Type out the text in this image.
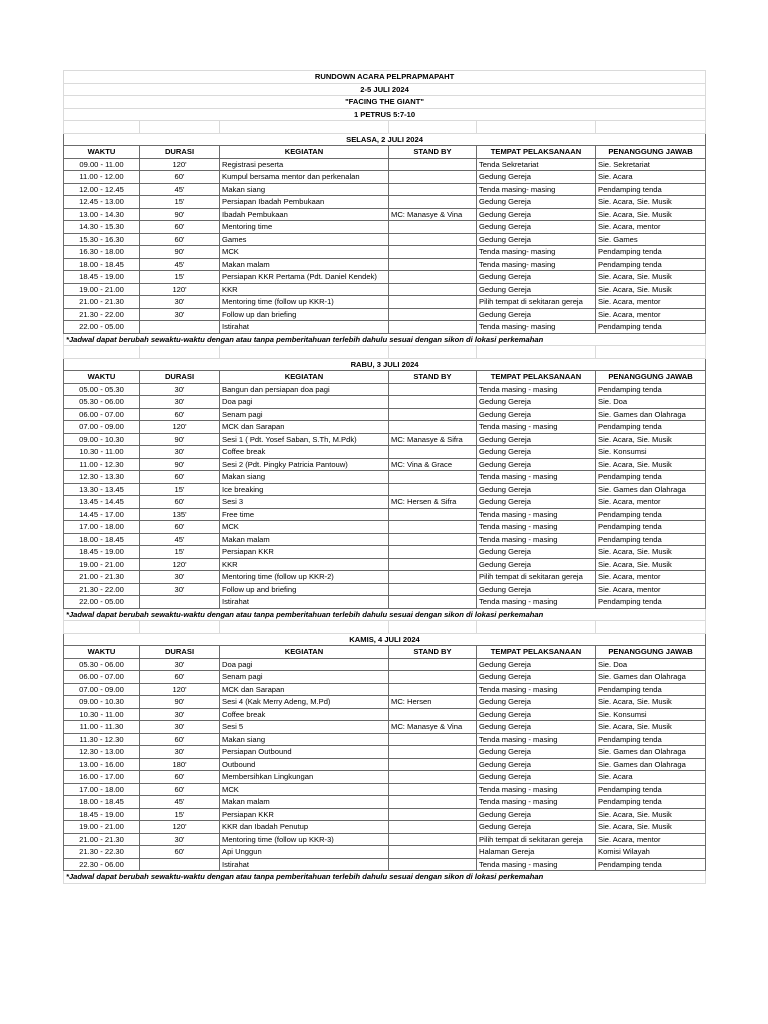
RUNDOWN ACARA PELPRAPMAPAHT					
2-5 JULI 2024					
"FACING THE GIANT"					
1 PETRUS 5:7-10					

SELASA, 2 JULI 2024					
WAKTU	DURASI	KEGIATAN	STAND BY	TEMPAT PELAKSANAAN	PENANGGUNG JAWAB
09.00 - 11.00	120'	Registrasi peserta		Tenda Sekretariat	Sie. Sekretariat
11.00 - 12.00	60'	Kumpul bersama mentor dan perkenalan		Gedung Gereja	Sie. Acara
12.00 - 12.45	45'	Makan siang		Tenda masing- masing	Pendamping tenda
12.45 - 13.00	15'	Persiapan Ibadah Pembukaan		Gedung Gereja	Sie. Acara, Sie. Musik
13.00 - 14.30	90'	Ibadah Pembukaan	MC: Manasye & Vina	Gedung Gereja	Sie. Acara, Sie. Musik
14.30 - 15.30	60'	Mentoring time		Gedung Gereja	Sie. Acara, mentor
15.30 - 16.30	60'	Games		Gedung Gereja	Sie. Games
16.30 - 18.00	90'	MCK		Tenda masing- masing	Pendamping tenda
18.00 - 18.45	45'	Makan malam		Tenda masing- masing	Pendamping tenda
18.45 - 19.00	15'	Persiapan KKR Pertama (Pdt. Daniel Kendek)		Gedung Gereja	Sie. Acara, Sie. Musik
19.00 - 21.00	120'	KKR		Gedung Gereja	Sie. Acara, Sie. Musik
21.00 - 21.30	30'	Mentoring time (follow up KKR-1)		Pilih tempat di sekitaran gereja	Sie. Acara, mentor
21.30 - 22.00	30'	Follow up dan briefing		Gedung Gereja	Sie. Acara, mentor
22.00 - 05.00		Istirahat		Tenda masing- masing	Pendamping tenda
*Jadwal dapat berubah sewaktu-waktu dengan atau tanpa pemberitahuan terlebih dahulu sesuai dengan sikon di lokasi perkemahan					

RABU, 3 JULI 2024					
WAKTU	DURASI	KEGIATAN	STAND BY	TEMPAT PELAKSANAAN	PENANGGUNG JAWAB
05.00 - 05.30	30'	Bangun dan persiapan doa pagi		Tenda masing - masing	Pendamping tenda
05.30 - 06.00	30'	Doa pagi		Gedung Gereja	Sie. Doa
06.00 - 07.00	60'	Senam pagi		Gedung Gereja	Sie. Games dan Olahraga
07.00 - 09.00	120'	MCK dan Sarapan		Tenda masing - masing	Pendamping tenda
09.00 - 10.30	90'	Sesi 1 ( Pdt. Yosef Saban, S.Th, M.Pdk)	MC: Manasye & Sifra	Gedung Gereja	Sie. Acara, Sie. Musik
10.30 - 11.00	30'	Coffee break		Gedung Gereja	Sie. Konsumsi
11.00 - 12.30	90'	Sesi 2 (Pdt. Pingky Patricia Pantouw)	MC: Vina & Grace	Gedung Gereja	Sie. Acara, Sie. Musik
12.30 - 13.30	60'	Makan siang		Tenda masing - masing	Pendamping tenda
13.30 - 13.45	15'	Ice breaking		Gedung Gereja	Sie. Games dan Olahraga
13.45 - 14.45	60'	Sesi 3	MC: Hersen & Sifra	Gedung Gereja	Sie. Acara, mentor
14.45 - 17.00	135'	Free time		Tenda masing - masing	Pendamping tenda
17.00 - 18.00	60'	MCK		Tenda masing - masing	Pendamping tenda
18.00 - 18.45	45'	Makan malam		Tenda masing - masing	Pendamping tenda
18.45 - 19.00	15'	Persiapan KKR		Gedung Gereja	Sie. Acara, Sie. Musik
19.00 - 21.00	120'	KKR		Gedung Gereja	Sie. Acara, Sie. Musik
21.00 - 21.30	30'	Mentoring time (follow up KKR-2)		Pilih tempat di sekitaran gereja	Sie. Acara, mentor
21.30 - 22.00	30'	Follow up and briefing		Gedung Gereja	Sie. Acara, mentor
22.00 - 05.00		Istirahat		Tenda masing - masing	Pendamping tenda
*Jadwal dapat berubah sewaktu-waktu dengan atau tanpa pemberitahuan terlebih dahulu sesuai dengan sikon di lokasi perkemahan					

KAMIS, 4 JULI 2024					
WAKTU	DURASI	KEGIATAN	STAND BY	TEMPAT PELAKSANAAN	PENANGGUNG JAWAB
05.30 - 06.00	30'	Doa pagi		Gedung Gereja	Sie. Doa
06.00 - 07.00	60'	Senam pagi		Gedung Gereja	Sie. Games dan Olahraga
07.00 - 09.00	120'	MCK dan Sarapan		Tenda masing - masing	Pendamping tenda
09.00 - 10.30	90'	Sesi 4 (Kak Merry Adeng, M.Pd)	MC: Hersen	Gedung Gereja	Sie. Acara, Sie. Musik
10.30 - 11.00	30'	Coffee break		Gedung Gereja	Sie. Konsumsi
11.00 - 11.30	30'	Sesi 5	MC: Manasye & Vina	Gedung Gereja	Sie. Acara, Sie. Musik
11.30 - 12.30	60'	Makan siang		Tenda masing - masing	Pendamping tenda
12.30 - 13.00	30'	Persiapan Outbound		Gedung Gereja	Sie. Games dan Olahraga
13.00 - 16.00	180'	Outbound		Gedung Gereja	Sie. Games dan Olahraga
16.00 - 17.00	60'	Membersihkan Lingkungan		Gedung Gereja	Sie. Acara
17.00 - 18.00	60'	MCK		Tenda masing - masing	Pendamping tenda
18.00 - 18.45	45'	Makan malam		Tenda masing - masing	Pendamping tenda
18.45 - 19.00	15'	Persiapan KKR		Gedung Gereja	Sie. Acara, Sie. Musik
19.00 - 21.00	120'	KKR dan Ibadah Penutup		Gedung Gereja	Sie. Acara, Sie. Musik
21.00 - 21.30	30'	Mentoring time (follow up KKR-3)		Pilih tempat di sekitaran gereja	Sie. Acara, mentor
21.30 - 22.30	60'	Api Unggun		Halaman Gereja	Komisi Wilayah
22.30 - 06.00		Istirahat		Tenda masing - masing	Pendamping tenda
*Jadwal dapat berubah sewaktu-waktu dengan atau tanpa pemberitahuan terlebih dahulu sesuai dengan sikon di lokasi perkemahan					
